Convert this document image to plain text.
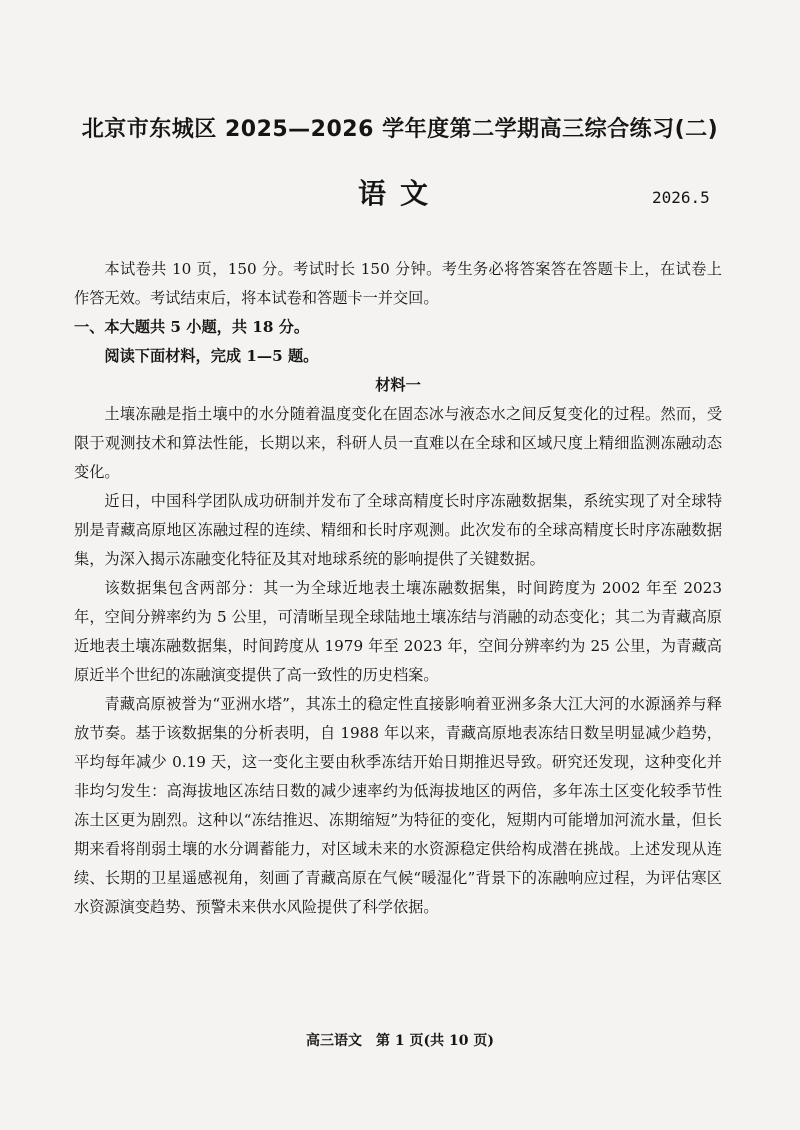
北京市东城区 2025—2026 学年度第二学期高三综合练习(二)
语文	2026.5

本试卷共 10 页，150 分。考试时长 150 分钟。考生务必将答案答在答题卡上，在试卷上作答无效。考试结束后，将本试卷和答题卡一并交回。

一、本大题共 5 小题，共 18 分。

阅读下面材料，完成 1—5 题。

材料一

土壤冻融是指土壤中的水分随着温度变化在固态冰与液态水之间反复变化的过程。然而，受限于观测技术和算法性能，长期以来，科研人员一直难以在全球和区域尺度上精细监测冻融动态变化。

近日，中国科学团队成功研制并发布了全球高精度长时序冻融数据集，系统实现了对全球特别是青藏高原地区冻融过程的连续、精细和长时序观测。此次发布的全球高精度长时序冻融数据集，为深入揭示冻融变化特征及其对地球系统的影响提供了关键数据。

该数据集包含两部分：其一为全球近地表土壤冻融数据集，时间跨度为 2002 年至 2023 年，空间分辨率约为 5 公里，可清晰呈现全球陆地土壤冻结与消融的动态变化；其二为青藏高原近地表土壤冻融数据集，时间跨度从 1979 年至 2023 年，空间分辨率约为 25 公里，为青藏高原近半个世纪的冻融演变提供了高一致性的历史档案。

青藏高原被誉为“亚洲水塔”，其冻土的稳定性直接影响着亚洲多条大江大河的水源涵养与释放节奏。基于该数据集的分析表明，自 1988 年以来，青藏高原地表冻结日数呈明显减少趋势，平均每年减少 0.19 天，这一变化主要由秋季冻结开始日期推迟导致。研究还发现，这种变化并非均匀发生：高海拔地区冻结日数的减少速率约为低海拔地区的两倍，多年冻土区变化较季节性冻土区更为剧烈。这种以“冻结推迟、冻期缩短”为特征的变化，短期内可能增加河流水量，但长期来看将削弱土壤的水分调蓄能力，对区域未来的水资源稳定供给构成潜在挑战。上述发现从连续、长期的卫星遥感视角，刻画了青藏高原在气候“暖湿化”背景下的冻融响应过程，为评估寒区水资源演变趋势、预警未来供水风险提供了科学依据。

高三语文　第 1 页(共 10 页)
